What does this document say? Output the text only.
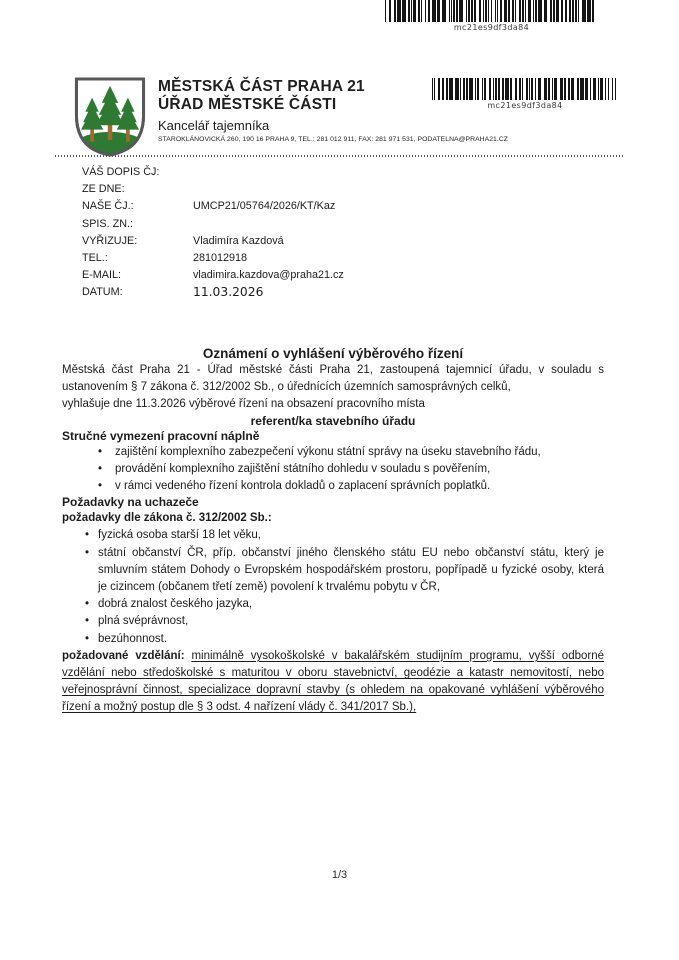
mc21es9df3da84
MĚSTSKÁ ČÁST PRAHA 21
ÚŘAD MĚSTSKÉ ČÁSTI
Kancelář tajemníka
STAROKLÁNOVICKÁ 260, 190 16 PRAHA 9, TEL.: 281 012 911, FAX: 281 971 531, PODATELNA@PRAHA21.CZ
mc21es9df3da84
VÁŠ DOPIS ČJ:
ZE DNE:
NAŠE ČJ.:	UMCP21/05764/2026/KT/Kaz
SPIS. ZN.:
VYŘIZUJE:	Vladimíra Kazdová
TEL.:	281012918
E-MAIL:	vladimira.kazdova@praha21.cz
DATUM:	11.03.2026
Oznámení o vyhlášení výběrového řízení

Městská část Praha 21 - Úřad městské části Praha 21, zastoupená tajemnicí úřadu, v souladu s ustanovením § 7 zákona č. 312/2002 Sb., o úřednících územních samosprávných celků,

vyhlašuje dne 11.3.2026 výběrové řízení na obsazení pracovního místa

referent/ka stavebního úřadu

Stručné vymezení pracovní náplně
• zajištění komplexního zabezpečení výkonu státní správy na úseku stavebního řádu,
• provádění komplexního zajištění státního dohledu v souladu s pověřením,
• v rámci vedeného řízení kontrola dokladů o zaplacení správních poplatků.
Požadavky na uchazeče

požadavky dle zákona č. 312/2002 Sb.:

• fyzická osoba starší 18 let věku,
• státní občanství ČR, příp. občanství jiného členského státu EU nebo občanství státu, který je smluvním státem Dohody o Evropském hospodářském prostoru, popřípadě u fyzické osoby, která je cizincem (občanem třetí země) povolení k trvalému pobytu v ČR,
• dobrá znalost českého jazyka,
• plná svéprávnost,
• bezúhonnost.

požadované vzdělání: minimálně vysokoškolské v bakalářském studijním programu, vyšší odborné vzdělání nebo středoškolské s maturitou v oboru stavebnictví, geodézie a katastr nemovitostí, nebo veřejnosprávní činnost, specializace dopravní stavby (s ohledem na opakované vyhlášení výběrového řízení a možný postup dle § 3 odst. 4 nařízení vlády č. 341/2017 Sb.),

1/3
